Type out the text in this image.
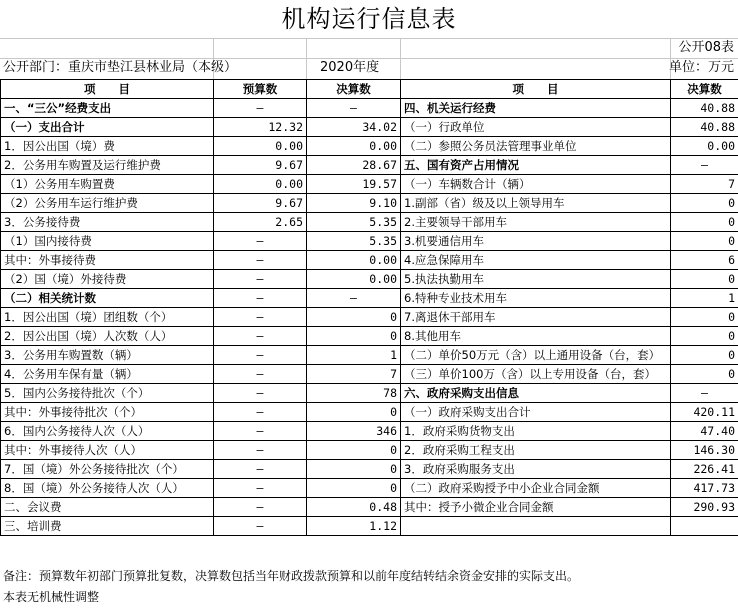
机构运行信息表
公开08表
公开部门：重庆市垫江县林业局（本级）	2020年度	单位：万元
项　　目	预算数	决算数	项　　目	决算数
一、“三公”经费支出	—	—	四、机关运行经费	40.88
（一）支出合计	12.32	34.02	（一）行政单位	40.88
1．因公出国（境）费	0.00	0.00	（二）参照公务员法管理事业单位	0.00
2．公务用车购置及运行维护费	9.67	28.67	五、国有资产占用情况	—
（1）公务用车购置费	0.00	19.57	（一）车辆数合计（辆）	7
（2）公务用车运行维护费	9.67	9.10	1.副部（省）级及以上领导用车	0
3．公务接待费	2.65	5.35	2.主要领导干部用车	0
（1）国内接待费	—	5.35	3.机要通信用车	0
其中：外事接待费	—	0.00	4.应急保障用车	6
（2）国（境）外接待费	—	0.00	5.执法执勤用车	0
（二）相关统计数	—	—	6.特种专业技术用车	1
1．因公出国（境）团组数（个）	—	0	7.离退休干部用车	0
2．因公出国（境）人次数（人）	—	0	8.其他用车	0
3．公务用车购置数（辆）	—	1	（二）单价50万元（含）以上通用设备（台，套）	0
4．公务用车保有量（辆）	—	7	（三）单价100万（含）以上专用设备（台，套）	0
5．国内公务接待批次（个）	—	78	六、政府采购支出信息	—
其中：外事接待批次（个）	—	0	（一）政府采购支出合计	420.11
6．国内公务接待人次（人）	—	346	1．政府采购货物支出	47.40
其中：外事接待人次（人）	—	0	2．政府采购工程支出	146.30
7．国（境）外公务接待批次（个）	—	0	3．政府采购服务支出	226.41
8．国（境）外公务接待人次（人）	—	0	（二）政府采购授予中小企业合同金额	417.73
二、会议费	—	0.48	其中：授予小微企业合同金额	290.93
三、培训费	—	1.12		
备注：预算数年初部门预算批复数，决算数包括当年财政拨款预算和以前年度结转结余资金安排的实际支出。
本表无机械性调整
